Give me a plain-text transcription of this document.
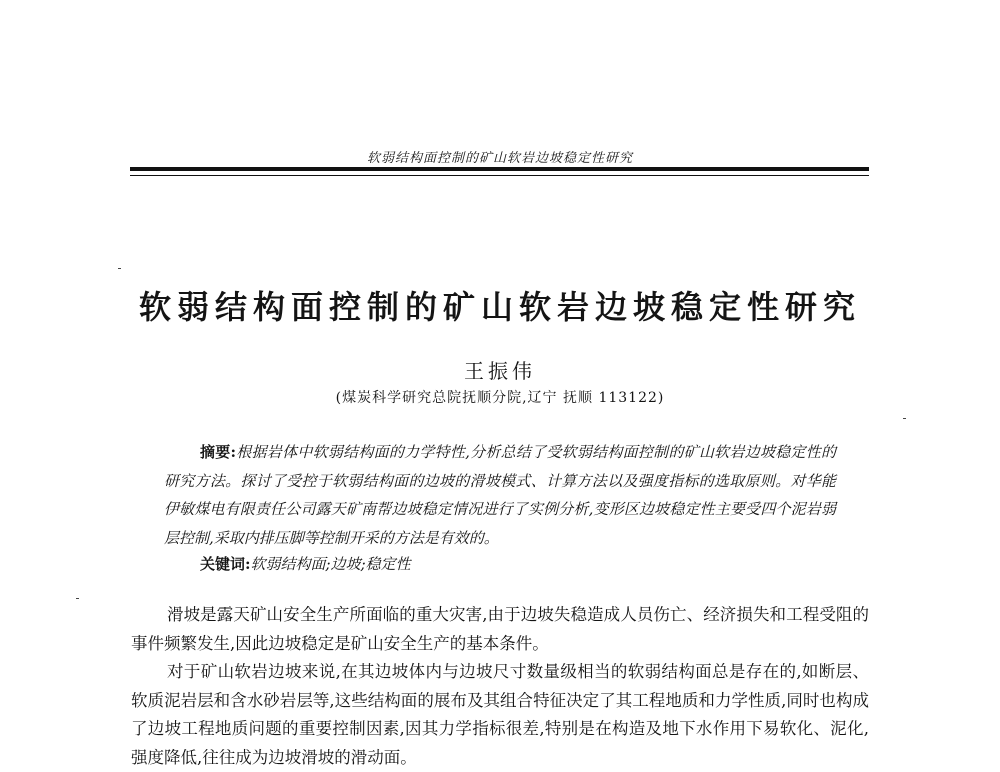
软弱结构面控制的矿山软岩边坡稳定性研究
软弱结构面控制的矿山软岩边坡稳定性研究
王振伟
(煤炭科学研究总院抚顺分院,辽宁 抚顺 113122)

摘要:根据岩体中软弱结构面的力学特性,分析总结了受软弱结构面控制的矿山软岩边坡稳定性的研究方法。探讨了受控于软弱结构面的边坡的滑坡模式、计算方法以及强度指标的选取原则。对华能伊敏煤电有限责任公司露天矿南帮边坡稳定情况进行了实例分析,变形区边坡稳定性主要受四个泥岩弱层控制,采取内排压脚等控制开采的方法是有效的。

关键词:软弱结构面;边坡;稳定性

滑坡是露天矿山安全生产所面临的重大灾害,由于边坡失稳造成人员伤亡、经济损失和工程受阻的事件频繁发生,因此边坡稳定是矿山安全生产的基本条件。

对于矿山软岩边坡来说,在其边坡体内与边坡尺寸数量级相当的软弱结构面总是存在的,如断层、软质泥岩层和含水砂岩层等,这些结构面的展布及其组合特征决定了其工程地质和力学性质,同时也构成了边坡工程地质问题的重要控制因素,因其力学指标很差,特别是在构造及地下水作用下易软化、泥化,强度降低,往往成为边坡滑坡的滑动面。
